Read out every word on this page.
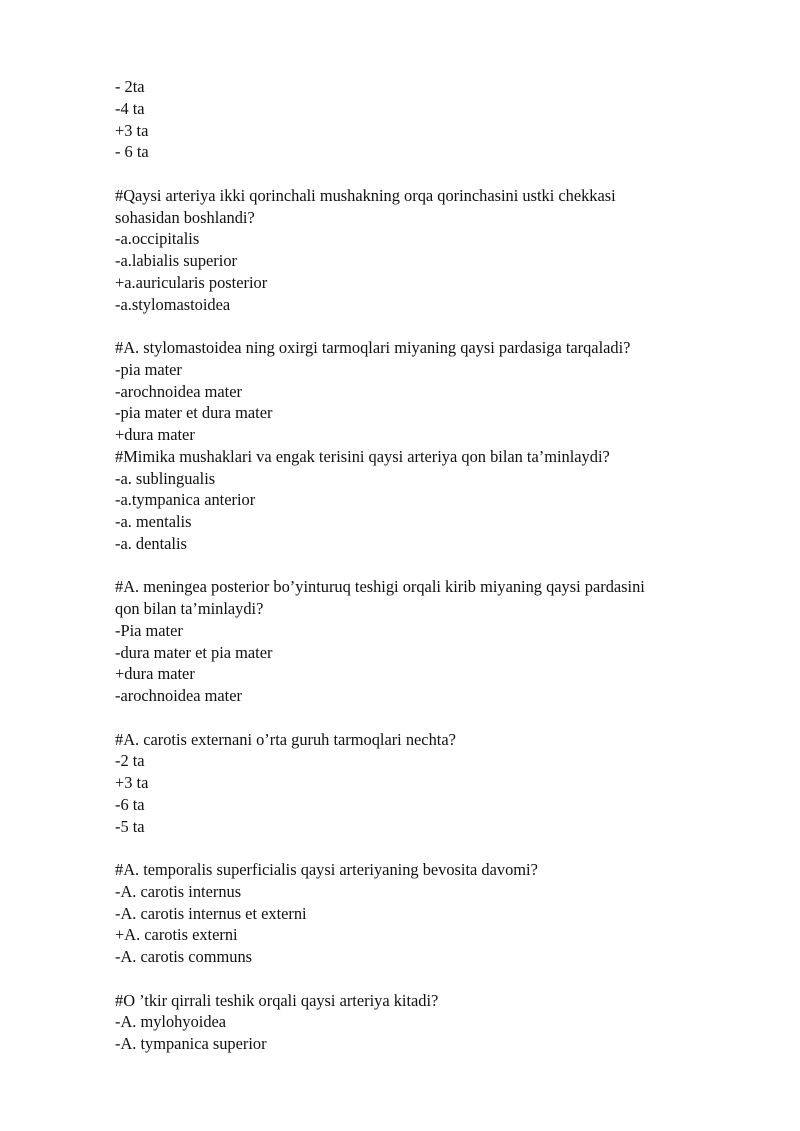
- 2ta
-4 ta
+3 ta
- 6 ta
#Qaysi arteriya ikki qorinchali mushakning orqa qorinchasini ustki chekkasi
sohasidan boshlandi?
-a.occipitalis
-a.labialis superior
+a.auricularis posterior
-a.stylomastoidea
#A. stylomastoidea ning oxirgi tarmoqlari miyaning qaysi pardasiga tarqaladi?
-pia mater
-arochnoidea mater
-pia mater et dura mater
+dura mater
#Mimika mushaklari va engak terisini qaysi arteriya qon bilan ta’minlaydi?
-a. sublingualis
-a.tympanica anterior
-a. mentalis
-a. dentalis
#A. meningea posterior bo’yinturuq teshigi orqali kirib miyaning qaysi pardasini
qon bilan ta’minlaydi?
-Pia mater
-dura mater et pia mater
+dura mater
-arochnoidea mater
#A. carotis externani o’rta guruh tarmoqlari nechta?
-2 ta
+3 ta
-6 ta
-5 ta
#A. temporalis superficialis qaysi arteriyaning bevosita davomi?
-A. carotis internus
-A. carotis internus et externi
+A. carotis externi
-A. carotis communs
#O ’tkir qirrali teshik orqali qaysi arteriya kitadi?
-A. mylohyoidea
-A. tympanica superior
